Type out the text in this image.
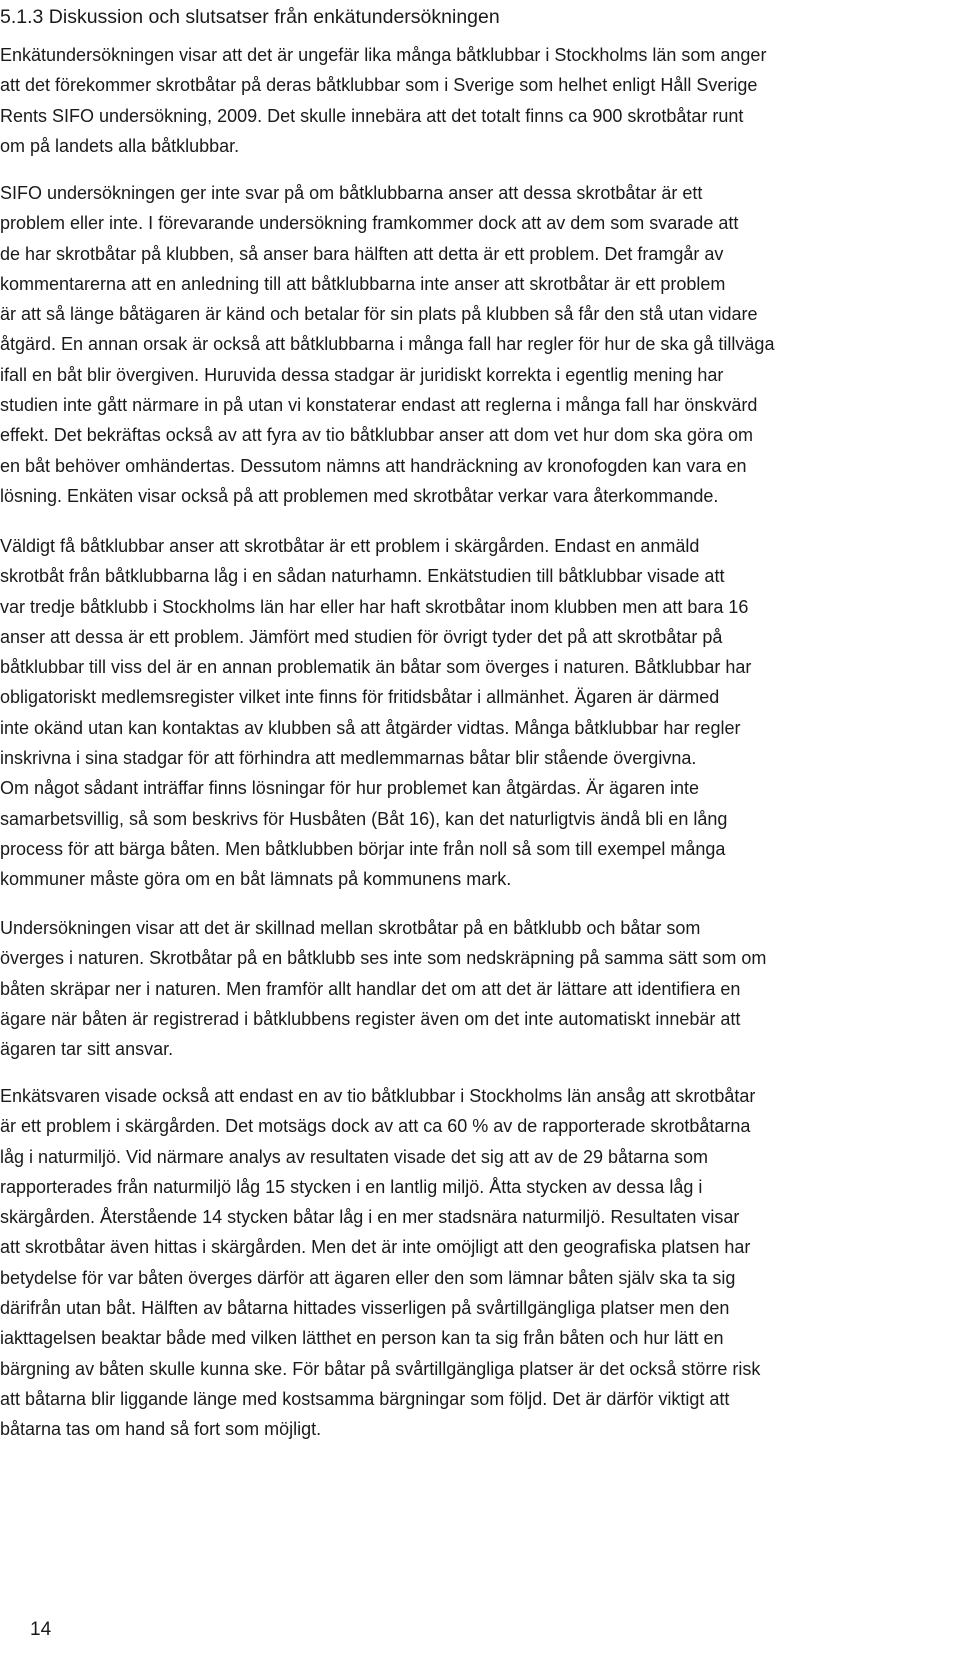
5.1.3 Diskussion och slutsatser från enkätundersökningen

Enkätundersökningen visar att det är ungefär lika många båtklubbar i Stockholms län som anger
att det förekommer skrotbåtar på deras båtklubbar som i Sverige som helhet enligt Håll Sverige
Rents SIFO undersökning, 2009. Det skulle innebära att det totalt finns ca 900 skrotbåtar runt
om på landets alla båtklubbar.

SIFO undersökningen ger inte svar på om båtklubbarna anser att dessa skrotbåtar är ett
problem eller inte. I förevarande undersökning framkommer dock att av dem som svarade att
de har skrotbåtar på klubben, så anser bara hälften att detta är ett problem. Det framgår av
kommentarerna att en anledning till att båtklubbarna inte anser att skrotbåtar är ett problem
är att så länge båtägaren är känd och betalar för sin plats på klubben så får den stå utan vidare
åtgärd. En annan orsak är också att båtklubbarna i många fall har regler för hur de ska gå tillväga
ifall en båt blir övergiven. Huruvida dessa stadgar är juridiskt korrekta i egentlig mening har
studien inte gått närmare in på utan vi konstaterar endast att reglerna i många fall har önskvärd
effekt. Det bekräftas också av att fyra av tio båtklubbar anser att dom vet hur dom ska göra om
en båt behöver omhändertas. Dessutom nämns att handräckning av kronofogden kan vara en
lösning. Enkäten visar också på att problemen med skrotbåtar verkar vara återkommande.

Väldigt få båtklubbar anser att skrotbåtar är ett problem i skärgården. Endast en anmäld
skrotbåt från båtklubbarna låg i en sådan naturhamn. Enkätstudien till båtklubbar visade att
var tredje båtklubb i Stockholms län har eller har haft skrotbåtar inom klubben men att bara 16
anser att dessa är ett problem. Jämfört med studien för övrigt tyder det på att skrotbåtar på
båtklubbar till viss del är en annan problematik än båtar som överges i naturen. Båtklubbar har
obligatoriskt medlemsregister vilket inte finns för fritidsbåtar i allmänhet. Ägaren är därmed
inte okänd utan kan kontaktas av klubben så att åtgärder vidtas. Många båtklubbar har regler
inskrivna i sina stadgar för att förhindra att medlemmarnas båtar blir stående övergivna.
Om något sådant inträffar finns lösningar för hur problemet kan åtgärdas. Är ägaren inte
samarbetsvillig, så som beskrivs för Husbåten (Båt 16), kan det naturligtvis ändå bli en lång
process för att bärga båten. Men båtklubben börjar inte från noll så som till exempel många
kommuner måste göra om en båt lämnats på kommunens mark.

Undersökningen visar att det är skillnad mellan skrotbåtar på en båtklubb och båtar som
överges i naturen. Skrotbåtar på en båtklubb ses inte som nedskräpning på samma sätt som om
båten skräpar ner i naturen. Men framför allt handlar det om att det är lättare att identifiera en
ägare när båten är registrerad i båtklubbens register även om det inte automatiskt innebär att
ägaren tar sitt ansvar.

Enkätsvaren visade också att endast en av tio båtklubbar i Stockholms län ansåg att skrotbåtar
är ett problem i skärgården. Det motsägs dock av att ca 60 % av de rapporterade skrotbåtarna
låg i naturmiljö. Vid närmare analys av resultaten visade det sig att av de 29 båtarna som
rapporterades från naturmiljö låg 15 stycken i en lantlig miljö. Åtta stycken av dessa låg i
skärgården. Återstående 14 stycken båtar låg i en mer stadsnära naturmiljö. Resultaten visar
att skrotbåtar även hittas i skärgården. Men det är inte omöjligt att den geografiska platsen har
betydelse för var båten överges därför att ägaren eller den som lämnar båten själv ska ta sig
därifrån utan båt. Hälften av båtarna hittades visserligen på svårtillgängliga platser men den
iakttagelsen beaktar både med vilken lätthet en person kan ta sig från båten och hur lätt en
bärgning av båten skulle kunna ske. För båtar på svårtillgängliga platser är det också större risk
att båtarna blir liggande länge med kostsamma bärgningar som följd. Det är därför viktigt att
båtarna tas om hand så fort som möjligt.

14
